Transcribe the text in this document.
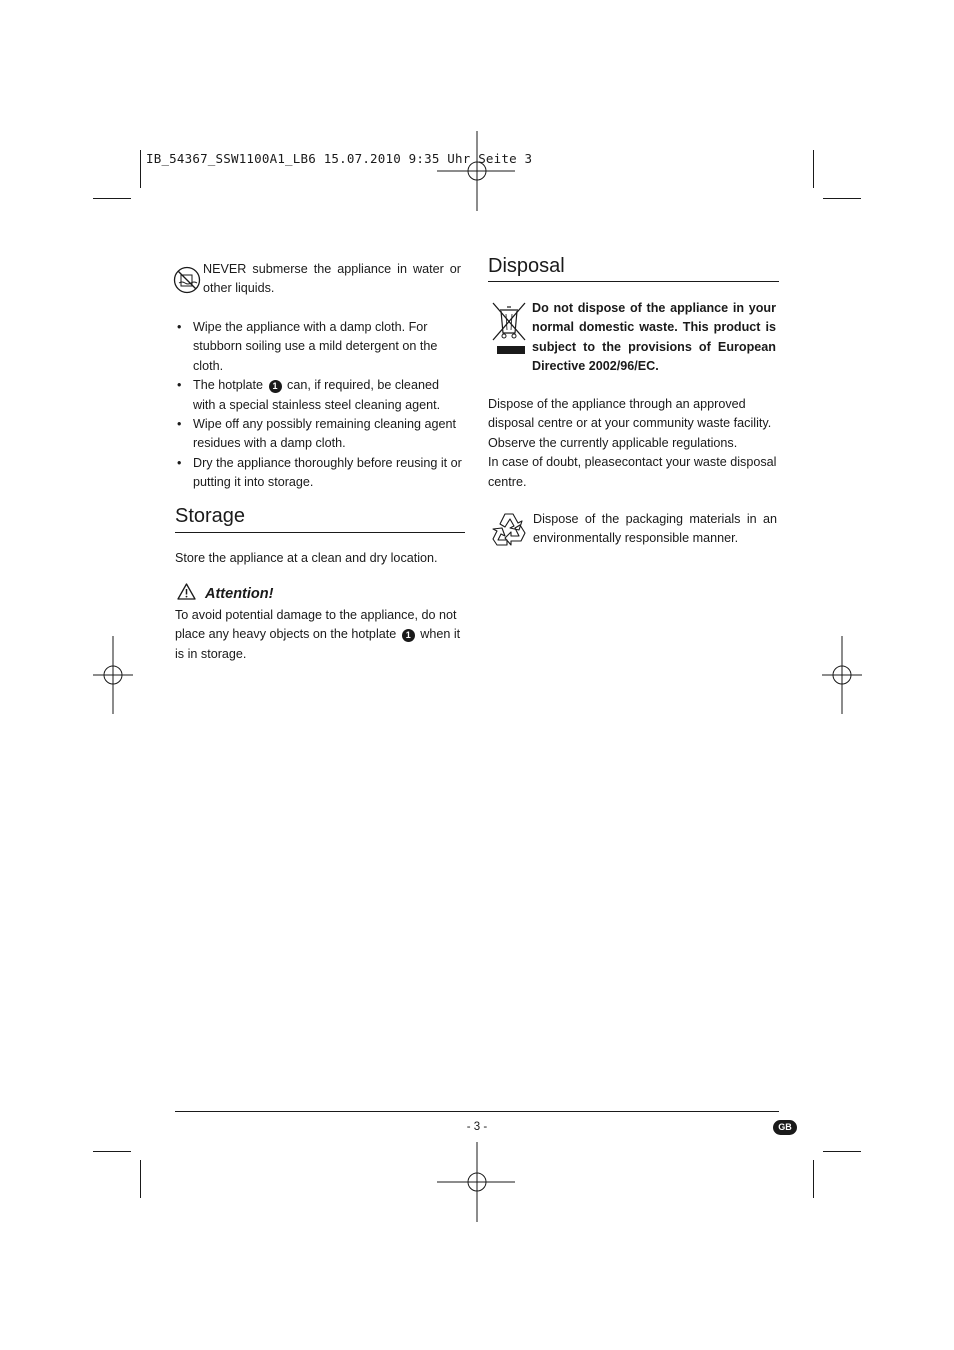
IB_54367_SSW1100A1_LB6 15.07.2010 9:35 Uhr Seite 3
NEVER submerse the appliance in water or other liquids.
• Wipe the appliance with a damp cloth. For stubborn soiling use a mild detergent on the cloth.
• The hotplate 1 can, if required, be cleaned with a special stainless steel cleaning agent.
• Wipe off any possibly remaining cleaning agent residues with a damp cloth.
• Dry the appliance thoroughly before reusing it or putting it into storage.
Storage
Store the appliance at a clean and dry location.
Attention!
To avoid potential damage to the appliance, do not place any heavy objects on the hotplate 1 when it is in storage.
Disposal
Do not dispose of the appliance in your normal domestic waste. This product is subject to the provisions of European Directive 2002/96/EC.
Dispose of the appliance through an approved disposal centre or at your community waste facility.
Observe the currently applicable regulations.
In case of doubt, pleasecontact your waste disposal centre.
Dispose of the packaging materials in an environmentally responsible manner.
- 3 -	GB
